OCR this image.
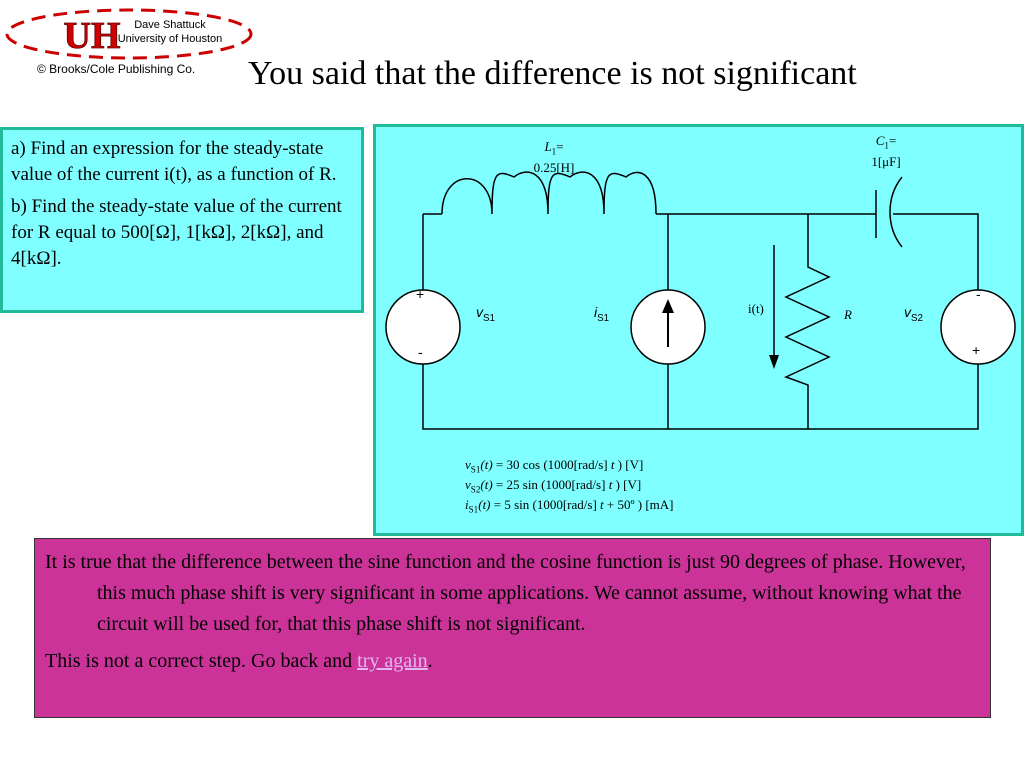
UH	Dave Shattuck
University of Houston
© Brooks/Cole Publishing Co. You said that the difference is not significant

a) Find an expression for the steady-state value of the current i(t), as a function of R.

b) Find the steady-state value of the current for R equal to 500[Ω], 1[kΩ], 2[kΩ], and 4[kΩ].

$L_1=$
0.25[H]
$C_1=$
1[μF]
+
-
$v_{S1}$	$i_{S1}$
i(t)	R	$v_{S2}$
-
+
$v_{S1}(t) = 30$ cos (1000[rad/s] t ) [V]
$v_{S2}(t) = 25$ sin (1000[rad/s] t ) [V]
$i_{S1}(t) = 5$ sin (1000[rad/s] t + 50º ) [mA]

It is true that the difference between the sine function and the cosine function is just 90 degrees of phase. However, this much phase shift is very significant in some applications. We cannot assume, without knowing what the circuit will be used for, that this phase shift is not significant.

This is not a correct step. Go back and try again.
